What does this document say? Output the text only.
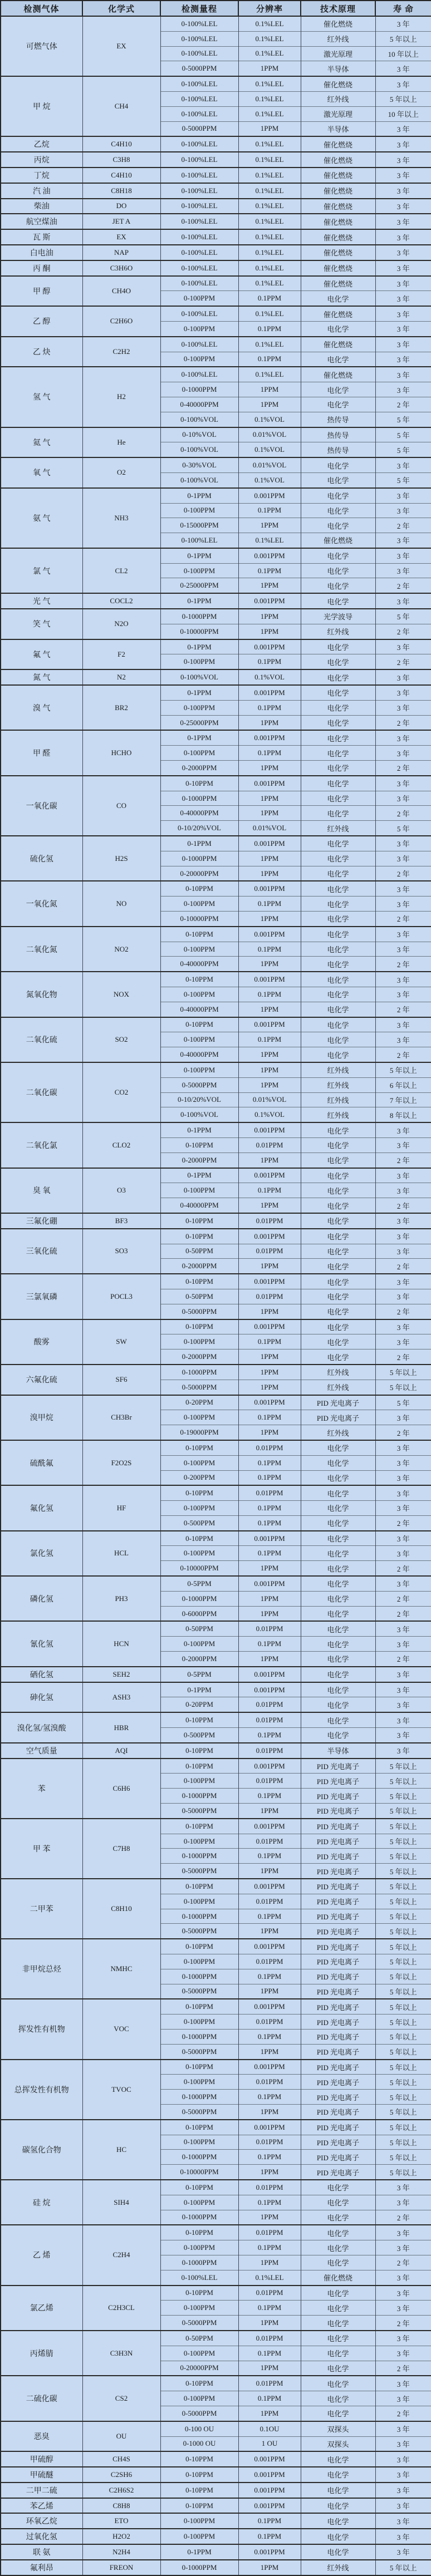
检测气体	化学式	检测量程	分辨率	技术原理	寿 命
可燃气体	EX	0-100%LEL	0.1%LEL	催化燃烧	3 年
		0-100%LEL	0.1%LEL	红外线	5 年以上
		0-100%LEL	0.1%LEL	激光原理	10 年以上
		0-5000PPM	1PPM	半导体	3 年
甲 烷	CH4	0-100%LEL	0.1%LEL	催化燃烧	3 年
		0-100%LEL	0.1%LEL	红外线	5 年以上
		0-100%LEL	0.1%LEL	激光原理	10 年以上
		0-5000PPM	1PPM	半导体	3 年
乙烷	C4H10	0-100%LEL	0.1%LEL	催化燃烧	3 年
丙烷	C3H8	0-100%LEL	0.1%LEL	催化燃烧	3 年
丁烷	C4H10	0-100%LEL	0.1%LEL	催化燃烧	3 年
汽 油	C8H18	0-100%LEL	0.1%LEL	催化燃烧	3 年
柴油	DO	0-100%LEL	0.1%LEL	催化燃烧	3 年
航空煤油	JET A	0-100%LEL	0.1%LEL	催化燃烧	3 年
瓦 斯	EX	0-100%LEL	0.1%LEL	催化燃烧	3 年
白电油	NAP	0-100%LEL	0.1%LEL	催化燃烧	3 年
丙 酮	C3H6O	0-100%LEL	0.1%LEL	催化燃烧	3 年
甲 醇	CH4O	0-100%LEL	0.1%LEL	催化燃烧	3 年
		0-100PPM	0.1PPM	电化学	3 年
乙 醇	C2H6O	0-100%LEL	0.1%LEL	催化燃烧	3 年
		0-100PPM	0.1PPM	电化学	3 年
乙 炔	C2H2	0-100%LEL	0.1%LEL	催化燃烧	3 年
		0-100PPM	0.1PPM	电化学	3 年
氢 气	H2	0-100%LEL	0.1%LEL	催化燃烧	3 年
		0-1000PPM	1PPM	电化学	3 年
		0-40000PPM	1PPM	电化学	2 年
		0-100%VOL	0.1%VOL	热传导	5 年
氦 气	He	0-10%VOL	0.01%VOL	热传导	5 年
		0-100%VOL	0.1%VOL	热传导	5 年
氧 气	O2	0-30%VOL	0.01%VOL	电化学	3 年
		0-100%VOL	0.1%VOL	电化学	5 年
氨 气	NH3	0-1PPM	0.001PPM	电化学	3 年
		0-100PPM	0.1PPM	电化学	3 年
		0-15000PPM	1PPM	电化学	2 年
		0-100%LEL	0.1%LEL	催化燃烧	3 年
氯 气	CL2	0-1PPM	0.001PPM	电化学	3 年
		0-100PPM	0.1PPM	电化学	3 年
		0-25000PPM	1PPM	电化学	2 年
光 气	COCL2	0-1PPM	0.001PPM	电化学	3 年
笑 气	N2O	0-1000PPM	1PPM	光学波导	5 年
		0-10000PPM	1PPM	红外线	2 年
氟 气	F2	0-1PPM	0.001PPM	电化学	3 年
		0-100PPM	0.1PPM	电化学	2 年
氮 气	N2	0-100%VOL	0.1%VOL	电化学	3 年
溴 气	BR2	0-1PPM	0.001PPM	电化学	3 年
		0-100PPM	0.1PPM	电化学	3 年
		0-25000PPM	1PPM	电化学	2 年
甲 醛	HCHO	0-1PPM	0.001PPM	电化学	3 年
		0-100PPM	0.1PPM	电化学	3 年
		0-2000PPM	1PPM	电化学	2 年
一氧化碳	CO	0-10PPM	0.001PPM	电化学	3 年
		0-1000PPM	1PPM	电化学	3 年
		0-40000PPM	1PPM	电化学	2 年
		0-10/20%VOL	0.01%VOL	红外线	5 年
硫化氢	H2S	0-1PPM	0.001PPM	电化学	3 年
		0-1000PPM	1PPM	电化学	3 年
		0-20000PPM	1PPM	电化学	2 年
一氧化氮	NO	0-10PPM	0.001PPM	电化学	3 年
		0-100PPM	0.1PPM	电化学	3 年
		0-10000PPM	1PPM	电化学	2 年
二氧化氮	NO2	0-10PPM	0.001PPM	电化学	3 年
		0-100PPM	0.1PPM	电化学	3 年
		0-40000PPM	1PPM	电化学	2 年
氮氧化物	NOX	0-10PPM	0.001PPM	电化学	3 年
		0-100PPM	0.1PPM	电化学	3 年
		0-40000PPM	1PPM	电化学	2 年
二氧化硫	SO2	0-10PPM	0.001PPM	电化学	3 年
		0-100PPM	0.1PPM	电化学	3 年
		0-40000PPM	1PPM	电化学	2 年
二氧化碳	CO2	0-100PPM	1PPM	红外线	5 年以上
		0-5000PPM	1PPM	红外线	6 年以上
		0-10/20%VOL	0.01%VOL	红外线	7 年以上
		0-100%VOL	0.1%VOL	红外线	8 年以上
二氧化氯	CLO2	0-1PPM	0.001PPM	电化学	3 年
		0-10PPM	0.01PPM	电化学	3 年
		0-2000PPM	1PPM	电化学	2 年
臭 氧	O3	0-1PPM	0.001PPM	电化学	3 年
		0-100PPM	0.1PPM	电化学	3 年
		0-40000PPM	1PPM	电化学	2 年
三氟化硼	BF3	0-10PPM	0.01PPM	电化学	3 年
三氧化硫	SO3	0-10PPM	0.001PPM	电化学	3 年
		0-50PPM	0.01PPM	电化学	3 年
		0-2000PPM	1PPM	电化学	2 年
三氯氧磷	POCL3	0-10PPM	0.001PPM	电化学	3 年
		0-50PPM	0.01PPM	电化学	3 年
		0-5000PPM	1PPM	电化学	2 年
酸雾	SW	0-10PPM	0.001PPM	电化学	3 年
		0-100PPM	0.1PPM	电化学	3 年
		0-2000PPM	1PPM	电化学	2 年
六氟化硫	SF6	0-1000PPM	1PPM	红外线	5 年以上
		0-5000PPM	1PPM	红外线	5 年以上
溴甲烷	CH3Br	0-20PPM	0.001PPM	PID 光电离子	5 年
		0-100PPM	0.1PPM	PID 光电离子	3 年
		0-19000PPM	1PPM	红外线	2 年
硫酰氟	F2O2S	0-10PPM	0.01PPM	电化学	3 年
		0-100PPM	0.1PPM	电化学	3 年
		0-200PPM	0.1PPM	电化学	3 年
氟化氢	HF	0-10PPM	0.01PPM	电化学	3 年
		0-100PPM	0.1PPM	电化学	3 年
		0-500PPM	0.1PPM	电化学	2 年
氯化氢	HCL	0-10PPM	0.001PPM	电化学	3 年
		0-100PPM	0.1PPM	电化学	3 年
		0-10000PPM	1PPM	电化学	2 年
磷化氢	PH3	0-5PPM	0.001PPM	电化学	3 年
		0-1000PPM	1PPM	电化学	2 年
		0-6000PPM	1PPM	电化学	2 年
氰化氢	HCN	0-50PPM	0.01PPM	电化学	3 年
		0-100PPM	0.1PPM	电化学	3 年
		0-2000PPM	1PPM	电化学	2 年
硒化氢	SEH2	0-5PPM	0.001PPM	电化学	3 年
砷化氢	ASH3	0-1PPM	0.001PPM	电化学	3 年
		0-20PPM	0.01PPM	电化学	3 年
溴化氢/氢溴酸	HBR	0-10PPM	0.01PPM	电化学	3 年
		0-500PPM	0.1PPM	电化学	3 年
空气质量	AQI	0-10PPM	0.01PPM	半导体	3 年
苯	C6H6	0-10PPM	0.001PPM	PID 光电离子	5 年以上
		0-100PPM	0.01PPM	PID 光电离子	5 年以上
		0-1000PPM	0.1PPM	PID 光电离子	5 年以上
		0-5000PPM	1PPM	PID 光电离子	5 年以上
甲 苯	C7H8	0-10PPM	0.001PPM	PID 光电离子	5 年以上
		0-100PPM	0.01PPM	PID 光电离子	5 年以上
		0-1000PPM	0.1PPM	PID 光电离子	5 年以上
		0-5000PPM	1PPM	PID 光电离子	5 年以上
二甲苯	C8H10	0-10PPM	0.001PPM	PID 光电离子	5 年以上
		0-100PPM	0.01PPM	PID 光电离子	5 年以上
		0-1000PPM	0.1PPM	PID 光电离子	5 年以上
		0-5000PPM	1PPM	PID 光电离子	5 年以上
非甲烷总烃	NMHC	0-10PPM	0.001PPM	PID 光电离子	5 年以上
		0-100PPM	0.01PPM	PID 光电离子	5 年以上
		0-1000PPM	0.1PPM	PID 光电离子	5 年以上
		0-5000PPM	1PPM	PID 光电离子	5 年以上
挥发性有机物	VOC	0-10PPM	0.001PPM	PID 光电离子	5 年以上
		0-100PPM	0.01PPM	PID 光电离子	5 年以上
		0-1000PPM	0.1PPM	PID 光电离子	5 年以上
		0-5000PPM	1PPM	PID 光电离子	5 年以上
总挥发性有机物	TVOC	0-10PPM	0.001PPM	PID 光电离子	5 年以上
		0-100PPM	0.01PPM	PID 光电离子	5 年以上
		0-1000PPM	0.1PPM	PID 光电离子	5 年以上
		0-5000PPM	1PPM	PID 光电离子	5 年以上
碳氢化合物	HC	0-10PPM	0.001PPM	PID 光电离子	5 年以上
		0-100PPM	0.01PPM	PID 光电离子	5 年以上
		0-1000PPM	0.1PPM	PID 光电离子	5 年以上
		0-10000PPM	1PPM	PID 光电离子	5 年以上
硅 烷	SIH4	0-10PPM	0.01PPM	电化学	3 年
		0-100PPM	0.1PPM	电化学	3 年
		0-1000PPM	1PPM	电化学	2 年
乙 烯	C2H4	0-10PPM	0.01PPM	电化学	3 年
		0-100PPM	0.1PPM	电化学	3 年
		0-1000PPM	1PPM	电化学	2 年
		0-100%LEL	0.1%LEL	催化燃烧	3 年
氯乙烯	C2H3CL	0-10PPM	0.01PPM	电化学	3 年
		0-100PPM	0.1PPM	电化学	3 年
		0-5000PPM	1PPM	电化学	2 年
丙烯腈	C3H3N	0-50PPM	0.01PPM	电化学	3 年
		0-100PPM	0.1PPM	电化学	3 年
		0-20000PPM	1PPM	电化学	2 年
二硫化碳	CS2	0-10PPM	0.01PPM	电化学	3 年
		0-100PPM	0.1PPM	电化学	3 年
		0-5000PPM	1PPM	电化学	2 年
恶臭	OU	0-100 OU	0.1OU	双探头	3 年
		0-1000 OU	1 OU	双探头	3 年
甲硫醇	CH4S	0-10PPM	0.001PPM	电化学	3 年
甲硫醚	C2SH6	0-10PPM	0.001PPM	电化学	3 年
二甲二硫	C2H6S2	0-10PPM	0.001PPM	电化学	3 年
苯乙烯	C8H8	0-10PPM	0.001PPM	电化学	3 年
环氧乙烷	ETO	0-100PPM	0.1PPM	电化学	3 年
过氧化氢	H2O2	0-100PPM	0.1PPM	电化学	3 年
联 氨	N2H4	0-1PPM	0.001PPM	电化学	3 年
氟利昂	FREON	0-1000PPM	1PPM	红外线	5 年以上
